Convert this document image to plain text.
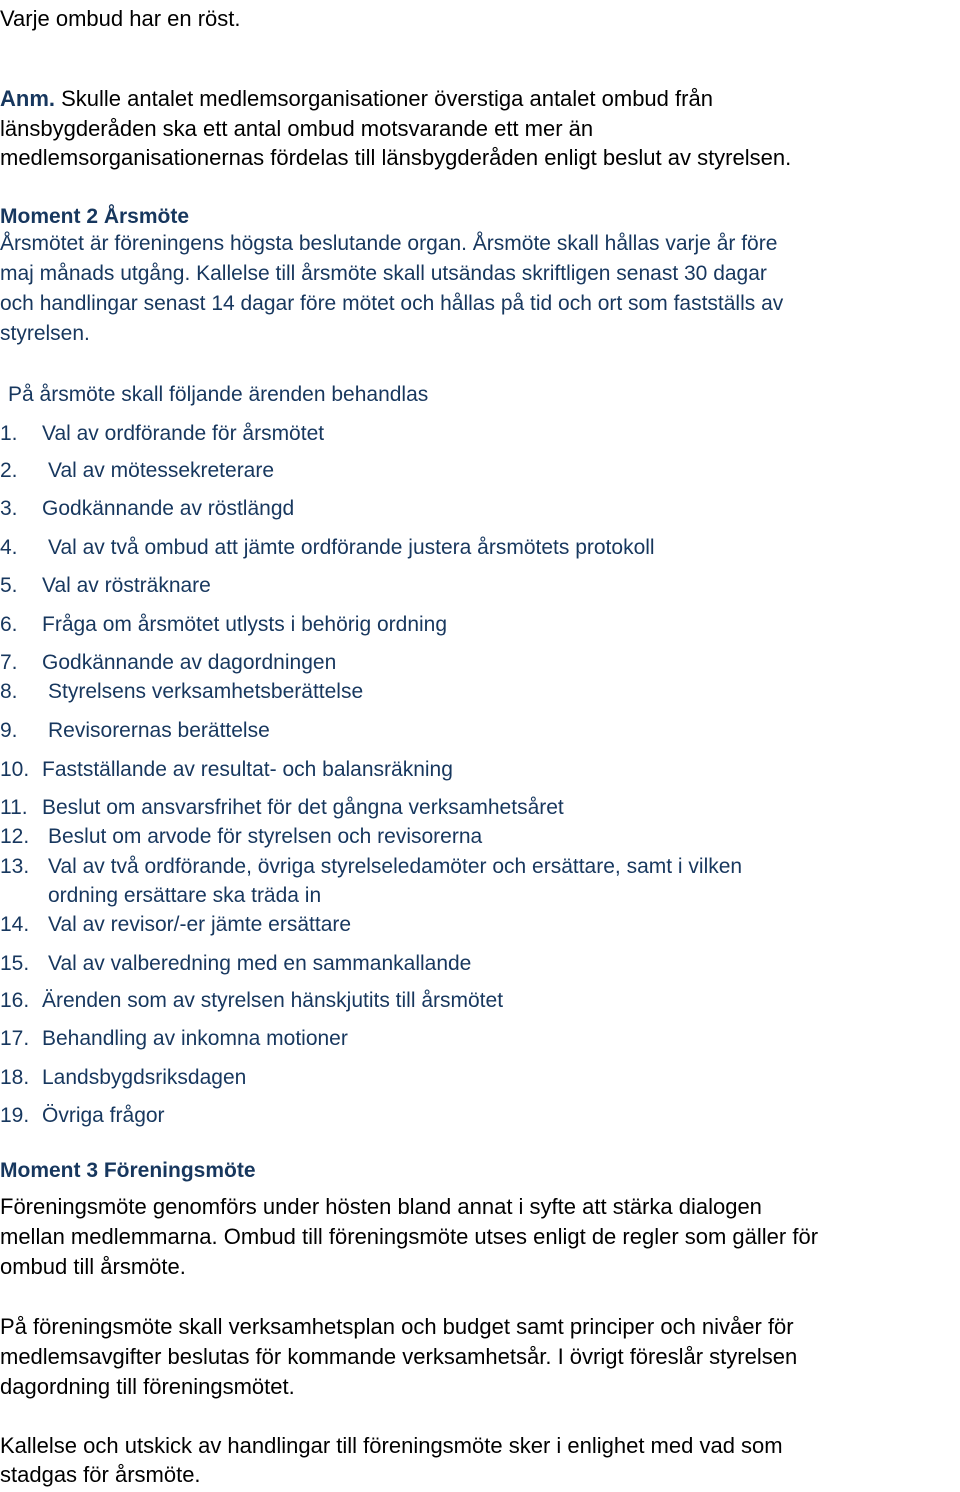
Varje ombud har en röst.
Anm. Skulle antalet medlemsorganisationer överstiga antalet ombud från
länsbygderåden ska ett antal ombud motsvarande ett mer än
medlemsorganisationernas fördelas till länsbygderåden enligt beslut av styrelsen.
Moment 2 Årsmöte
Årsmötet är föreningens högsta beslutande organ. Årsmöte skall hållas varje år före
maj månads utgång. Kallelse till årsmöte skall utsändas skriftligen senast 30 dagar
och handlingar senast 14 dagar före mötet och hållas på tid och ort som fastställs av
styrelsen.
På årsmöte skall följande ärenden behandlas
1. Val av ordförande för årsmötet
2. Val av mötessekreterare
3. Godkännande av röstlängd
4. Val av två ombud att jämte ordförande justera årsmötets protokoll
5. Val av rösträknare
6. Fråga om årsmötet utlysts i behörig ordning
7. Godkännande av dagordningen
8. Styrelsens verksamhetsberättelse
9. Revisorernas berättelse
10. Fastställande av resultat- och balansräkning
11. Beslut om ansvarsfrihet för det gångna verksamhetsåret
12. Beslut om arvode för styrelsen och revisorerna
13. Val av två ordförande, övriga styrelseledamöter och ersättare, samt i vilken
ordning ersättare ska träda in
14. Val av revisor/-er jämte ersättare
15. Val av valberedning med en sammankallande
16. Ärenden som av styrelsen hänskjutits till årsmötet
17. Behandling av inkomna motioner
18. Landsbygdsriksdagen
19. Övriga frågor
Moment 3 Föreningsmöte
Föreningsmöte genomförs under hösten bland annat i syfte att stärka dialogen
mellan medlemmarna. Ombud till föreningsmöte utses enligt de regler som gäller för
ombud till årsmöte.
På föreningsmöte skall verksamhetsplan och budget samt principer och nivåer för
medlemsavgifter beslutas för kommande verksamhetsår. I övrigt föreslår styrelsen
dagordning till föreningsmötet.
Kallelse och utskick av handlingar till föreningsmöte sker i enlighet med vad som
stadgas för årsmöte.
